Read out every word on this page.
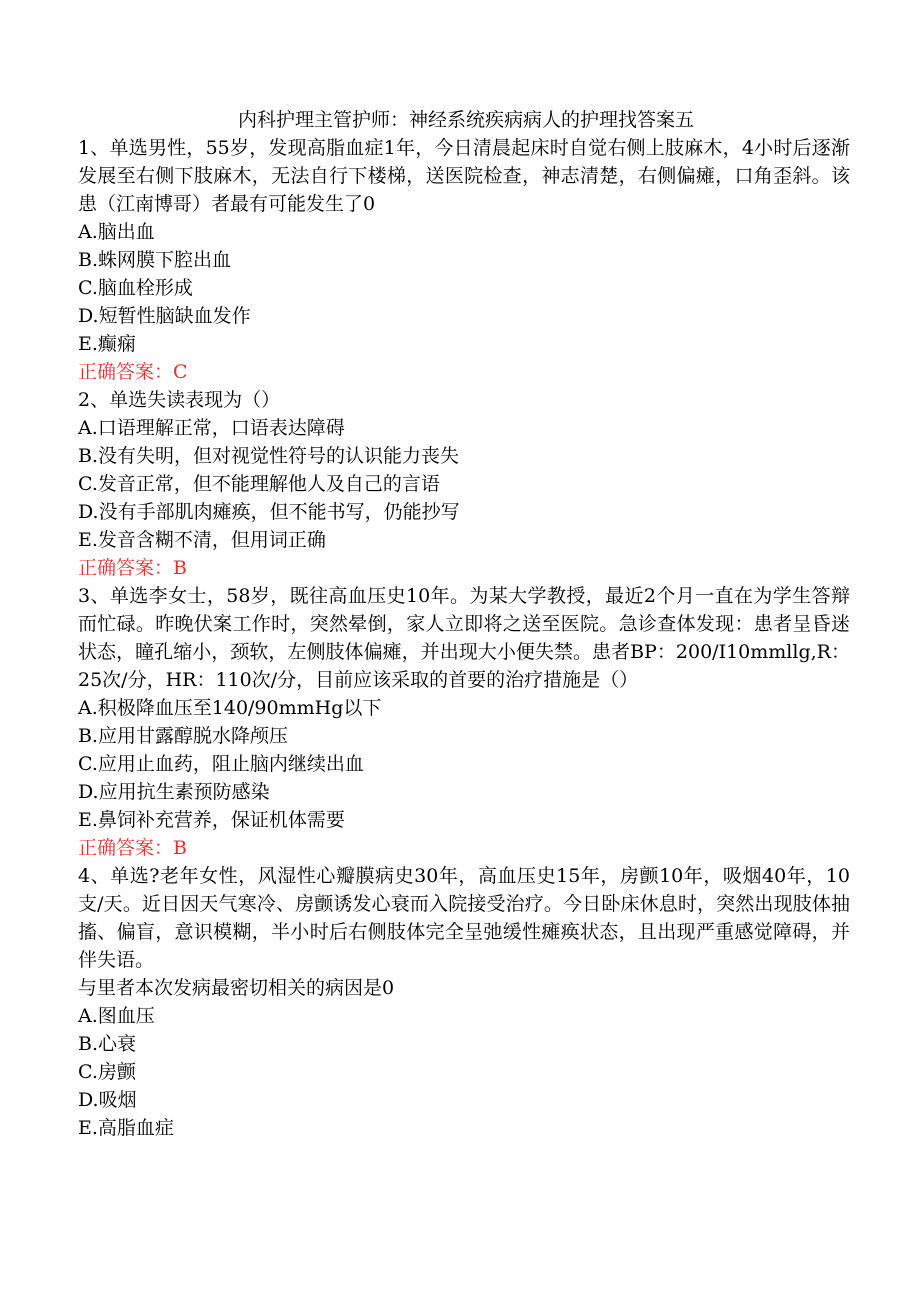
内科护理主管护师：神经系统疾病病人的护理找答案五

1、单选男性，55岁，发现高脂血症1年，今日清晨起床时自觉右侧上肢麻木，4小时后逐渐发展至右侧下肢麻木，无法自行下楼梯，送医院检查，神志清楚，右侧偏瘫，口角歪斜。该患（江南博哥）者最有可能发生了0

A.脑出血

B.蛛网膜下腔出血

C.脑血栓形成

D.短暂性脑缺血发作

E.癫痫

正确答案：C

2、单选失读表现为（）

A.口语理解正常，口语表达障碍

B.没有失明，但对视觉性符号的认识能力丧失

C.发音正常，但不能理解他人及自己的言语

D.没有手部肌肉瘫痪，但不能书写，仍能抄写

E.发音含糊不清，但用词正确

正确答案：B

3、单选李女士，58岁，既往高血压史10年。为某大学教授，最近2个月一直在为学生答辩而忙碌。昨晚伏案工作时，突然晕倒，家人立即将之送至医院。急诊查体发现：患者呈昏迷状态，瞳孔缩小，颈软，左侧肢体偏瘫，并出现大小便失禁。患者BP：200/I10mmllg,R：25次/分，HR：110次/分，目前应该采取的首要的治疗措施是（）

A.积极降血压至140/90mmHg以下

B.应用甘露醇脱水降颅压

C.应用止血药，阻止脑内继续出血

D.应用抗生素预防感染

E.鼻饲补充营养，保证机体需要

正确答案：B

4、单选?老年女性，风湿性心瓣膜病史30年，高血压史15年，房颤10年，吸烟40年，10支/天。近日因天气寒冷、房颤诱发心衰而入院接受治疗。今日卧床休息时，突然出现肢体抽搐、偏盲，意识模糊，半小时后右侧肢体完全呈弛缓性瘫痪状态，且出现严重感觉障碍，并伴失语。

与里者本次发病最密切相关的病因是0

A.图血压

B.心衰

C.房颤

D.吸烟

E.高脂血症
